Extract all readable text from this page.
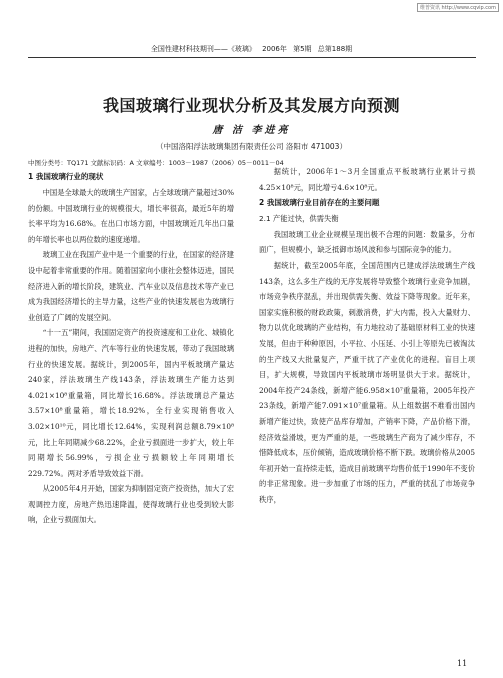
维普资讯 http://www.cqvip.com
全国性建材科技期刊——《玻璃》 2006年 第5期 总第188期
我国玻璃行业现状分析及其发展方向预测
唐 洁 李进亮
（中国洛阳浮法玻璃集团有限责任公司 洛阳市 471003）
中图分类号：TQ171 文献标识码：A 文章编号：1003－1987（2006）05－0011－04
1 我国玻璃行业的现状

中国是全球最大的玻璃生产国家，占全球玻璃产量超过30%的份额。中国玻璃行业的规模很大，增长率很高，最近5年的增长率平均为16.68%。在出口市场方面，中国玻璃近几年出口量的年增长率也以两位数的速度递增。

玻璃工业在我国产业中是一个重要的行业，在国家的经济建设中起着非常重要的作用。随着国家向小康社会整体迈进，国民经济进入新的增长阶段，建筑业、汽车业以及信息技术等产业已成为我国经济增长的主导力量，这些产业的快速发展也为玻璃行业创造了广阔的发展空间。

“十一五”期间，我国固定资产的投资速度和工业化、城镇化进程的加快，房地产、汽车等行业的快速发展，带动了我国玻璃行业的快速发展。据统计，到2005年，国内平板玻璃产量达240家，浮法玻璃生产线143条，浮法玻璃生产能力达到4.021×10⁸重量箱，同比增长16.68%。浮法玻璃总产量达3.57×10⁸重量箱，增长18.92%，全行业实现销售收入3.02×10¹⁰元，同比增长12.64%，实现利润总额8.79×10⁸元，比上年同期减少68.22%，企业亏损面进一步扩大，较上年同期增长56.99%，亏损企业亏损额较上年同期增长229.72%。两对矛盾导致效益下滑。

从2005年4月开始，国家为抑制固定资产投资热，加大了宏观调控力度，房地产热迅速降温，使得玻璃行业也受到较大影响，企业亏损面加大。

据统计，2006年1～3月全国重点平板玻璃行业累计亏损4.25×10⁸元，同比增亏4.6×10⁸元。

2 我国玻璃行业目前存在的主要问题
2.1 产能过快，供需失衡

我国玻璃工业企业规模呈现出极不合理的问题：数量多，分布面广，但规模小，缺乏抵御市场风波和参与国际竞争的能力。

据统计，截至2005年底，全国范围内已建成浮法玻璃生产线143条，这么多生产线的无序发展将导致整个玻璃行业竞争加剧，市场竞争秩序混乱，并出现供需失衡、效益下降等现象。近年来，国家实施积极的财政政策，刺激消费，扩大内需，投入大量财力、物力以优化玻璃的产业结构，有力地拉动了基础原材料工业的快速发展，但由于种种原因，小平拉、小压延、小引上等原先已被淘汰的生产线又大批量复产，严重干扰了产业优化的进程。盲目上项目，扩大规模，导致国内平板玻璃市场明显供大于求。据统计，2004年投产24条线，新增产能6.958×10⁷重量箱，2005年投产23条线，新增产能7.091×10⁷重量箱。从上组数据不难看出国内新增产能过快，致使产品库存增加，产销率下降，产品价格下滑，经济效益滑坡，更为严重的是，一些玻璃生产商为了减少库存，不惜降低成本，压价倾销，造成玻璃价格不断下跌。玻璃价格从2005年初开始一直持续走低，造成目前玻璃平均售价低于1990年不变价的非正常现象。进一步加重了市场的压力，严重的扰乱了市场竞争秩序，

11
